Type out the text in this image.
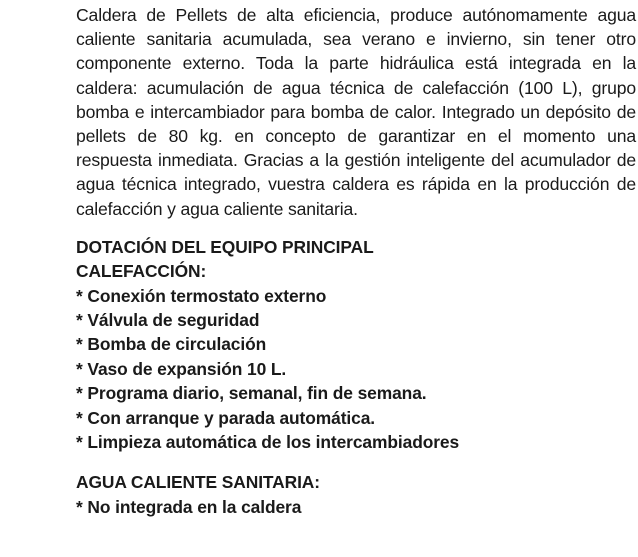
Caldera de Pellets de alta eficiencia, produce autónomamente agua caliente sanitaria acumulada, sea verano e invierno, sin tener otro componente externo. Toda la parte hidráulica está integrada en la caldera: acumulación de agua técnica de calefacción (100 L), grupo bomba e intercambiador para bomba de calor. Integrado un depósito de pellets de 80 kg. en concepto de garantizar en el momento una respuesta inmediata. Gracias a la gestión inteligente del acumulador de agua técnica integrado, vuestra caldera es rápida en la producción de calefacción y agua caliente sanitaria.

DOTACIÓN DEL EQUIPO PRINCIPAL
CALEFACCIÓN:
* Conexión termostato externo
* Válvula de seguridad
* Bomba de circulación
* Vaso de expansión 10 L.
* Programa diario, semanal, fin de semana.
* Con arranque y parada automática.
* Limpieza automática de los intercambiadores
AGUA CALIENTE SANITARIA:
* No integrada en la caldera
